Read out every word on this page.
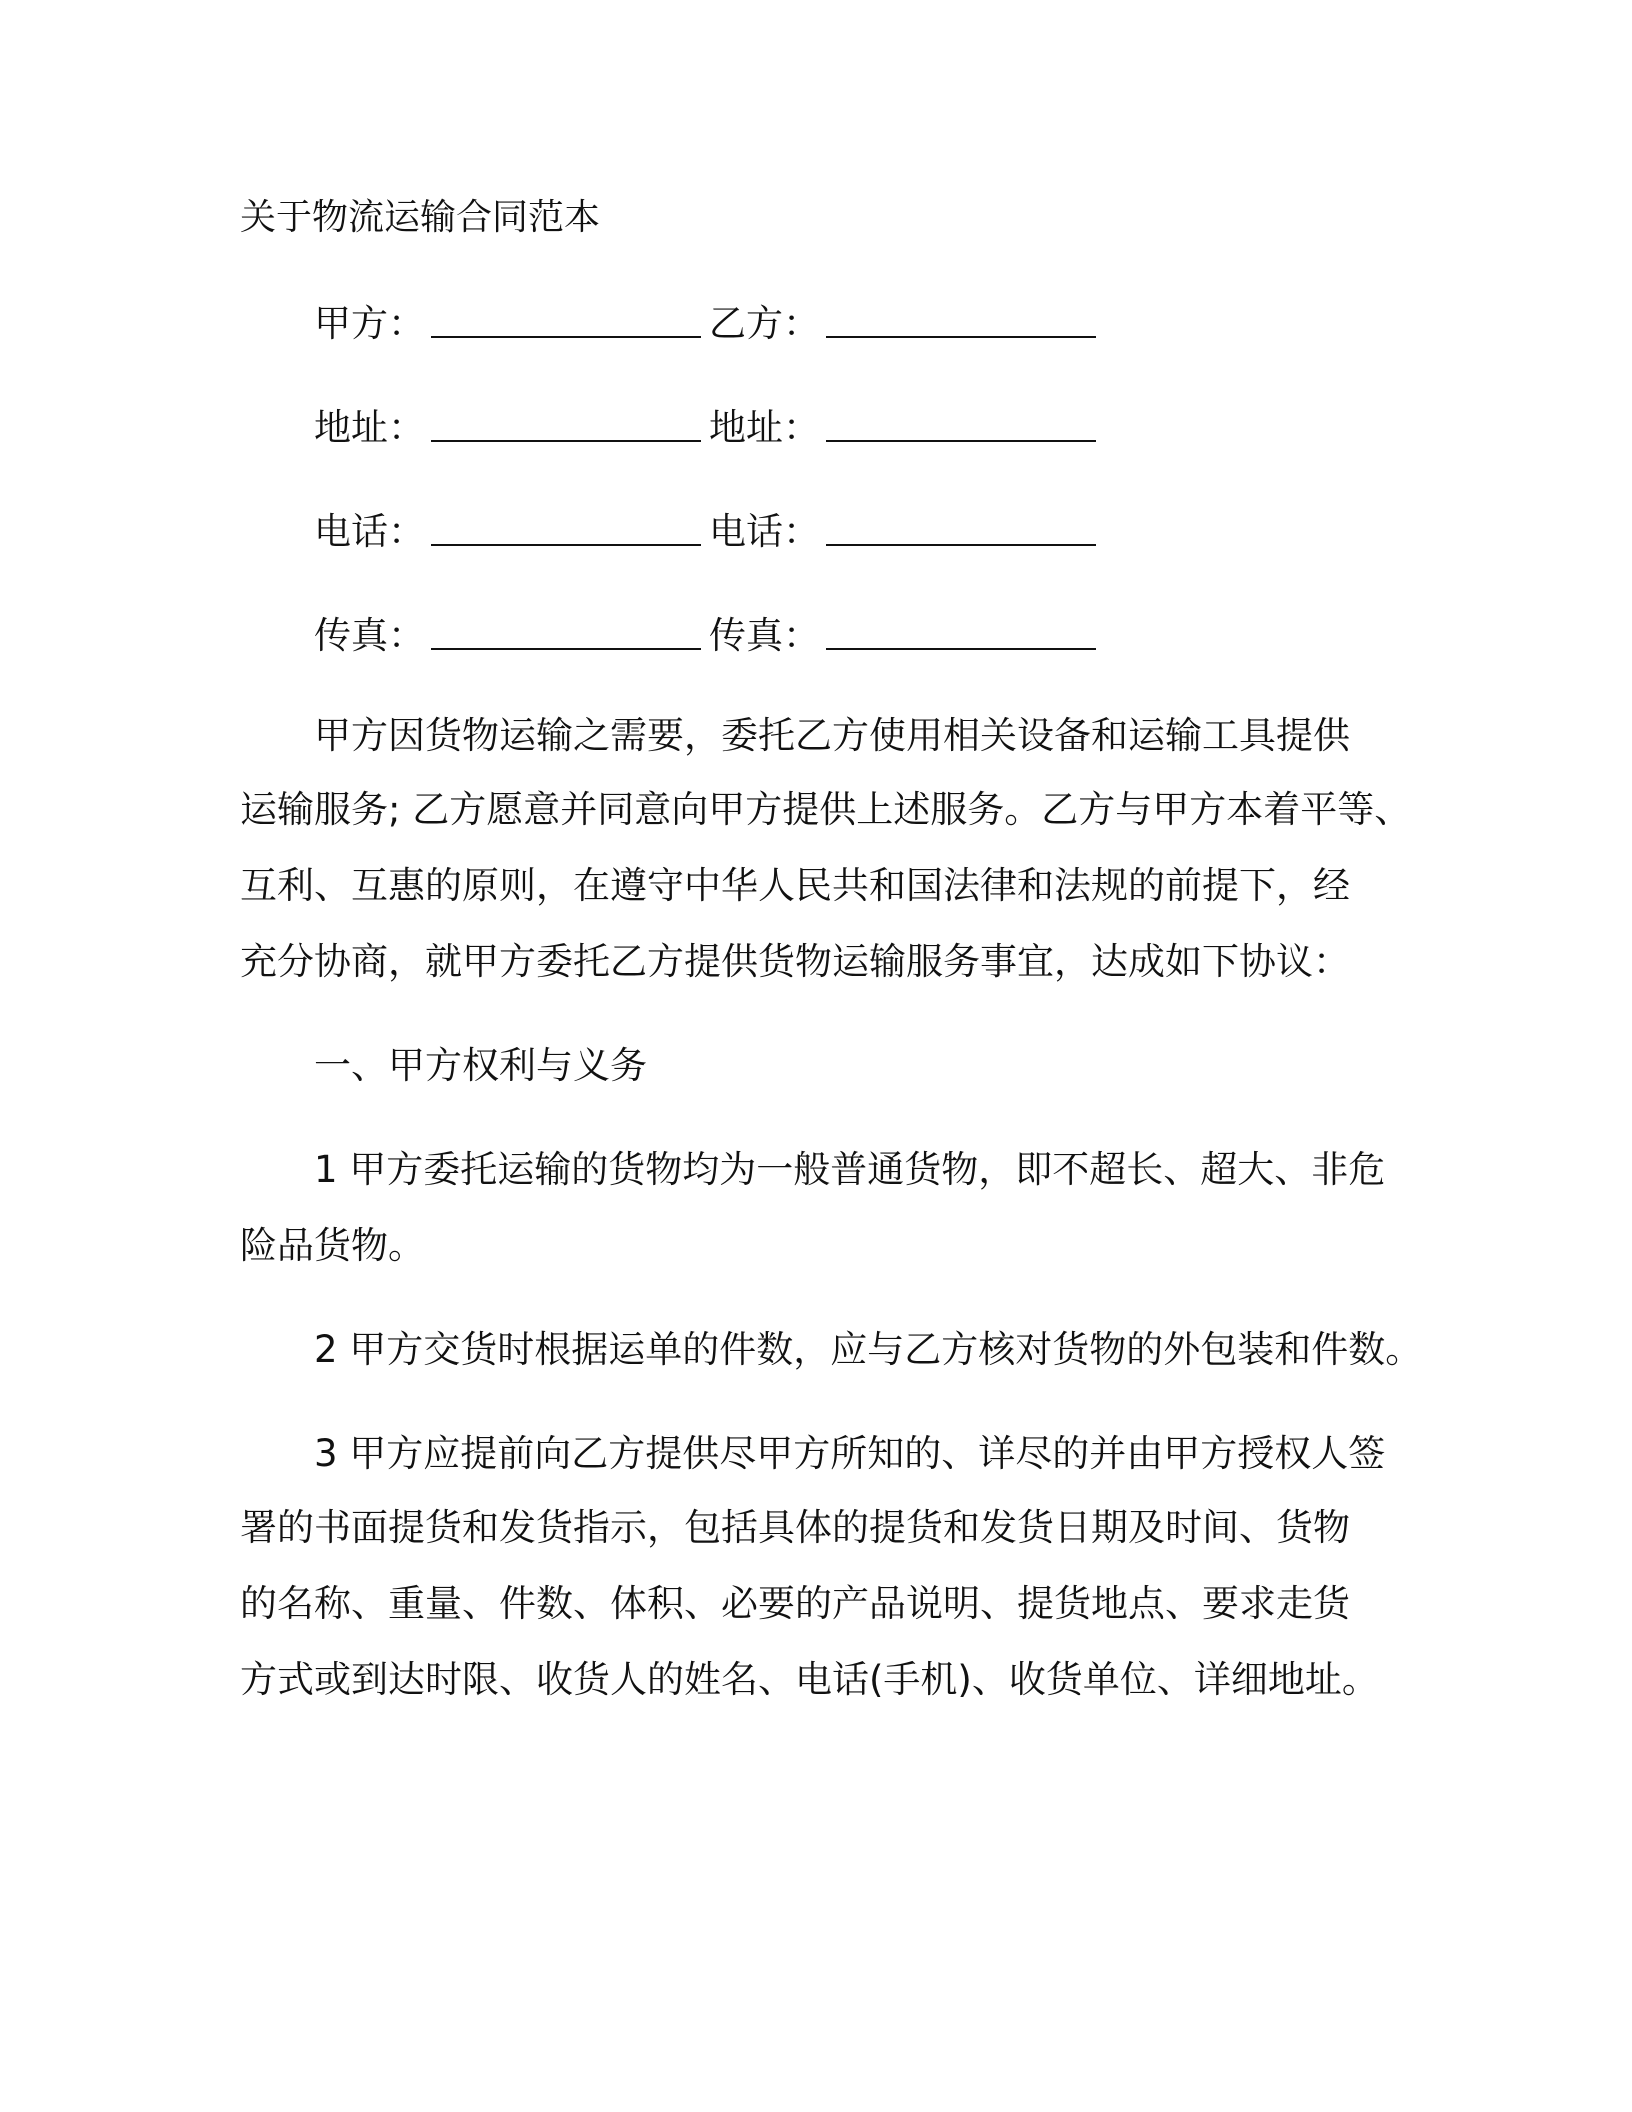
关于物流运输合同范本
甲方：	乙方：
地址：	地址：
电话：	电话：
传真：	传真：
甲方因货物运输之需要，委托乙方使用相关设备和运输工具提供
运输服务; 乙方愿意并同意向甲方提供上述服务。乙方与甲方本着平等、
互利、互惠的原则，在遵守中华人民共和国法律和法规的前提下，经
充分协商，就甲方委托乙方提供货物运输服务事宜，达成如下协议：
一、甲方权利与义务
1 甲方委托运输的货物均为一般普通货物，即不超长、超大、非危
险品货物。
2 甲方交货时根据运单的件数，应与乙方核对货物的外包装和件数。
3 甲方应提前向乙方提供尽甲方所知的、详尽的并由甲方授权人签
署的书面提货和发货指示，包括具体的提货和发货日期及时间、货物
的名称、重量、件数、体积、必要的产品说明、提货地点、要求走货
方式或到达时限、收货人的姓名、电话(手机)、收货单位、详细地址。
